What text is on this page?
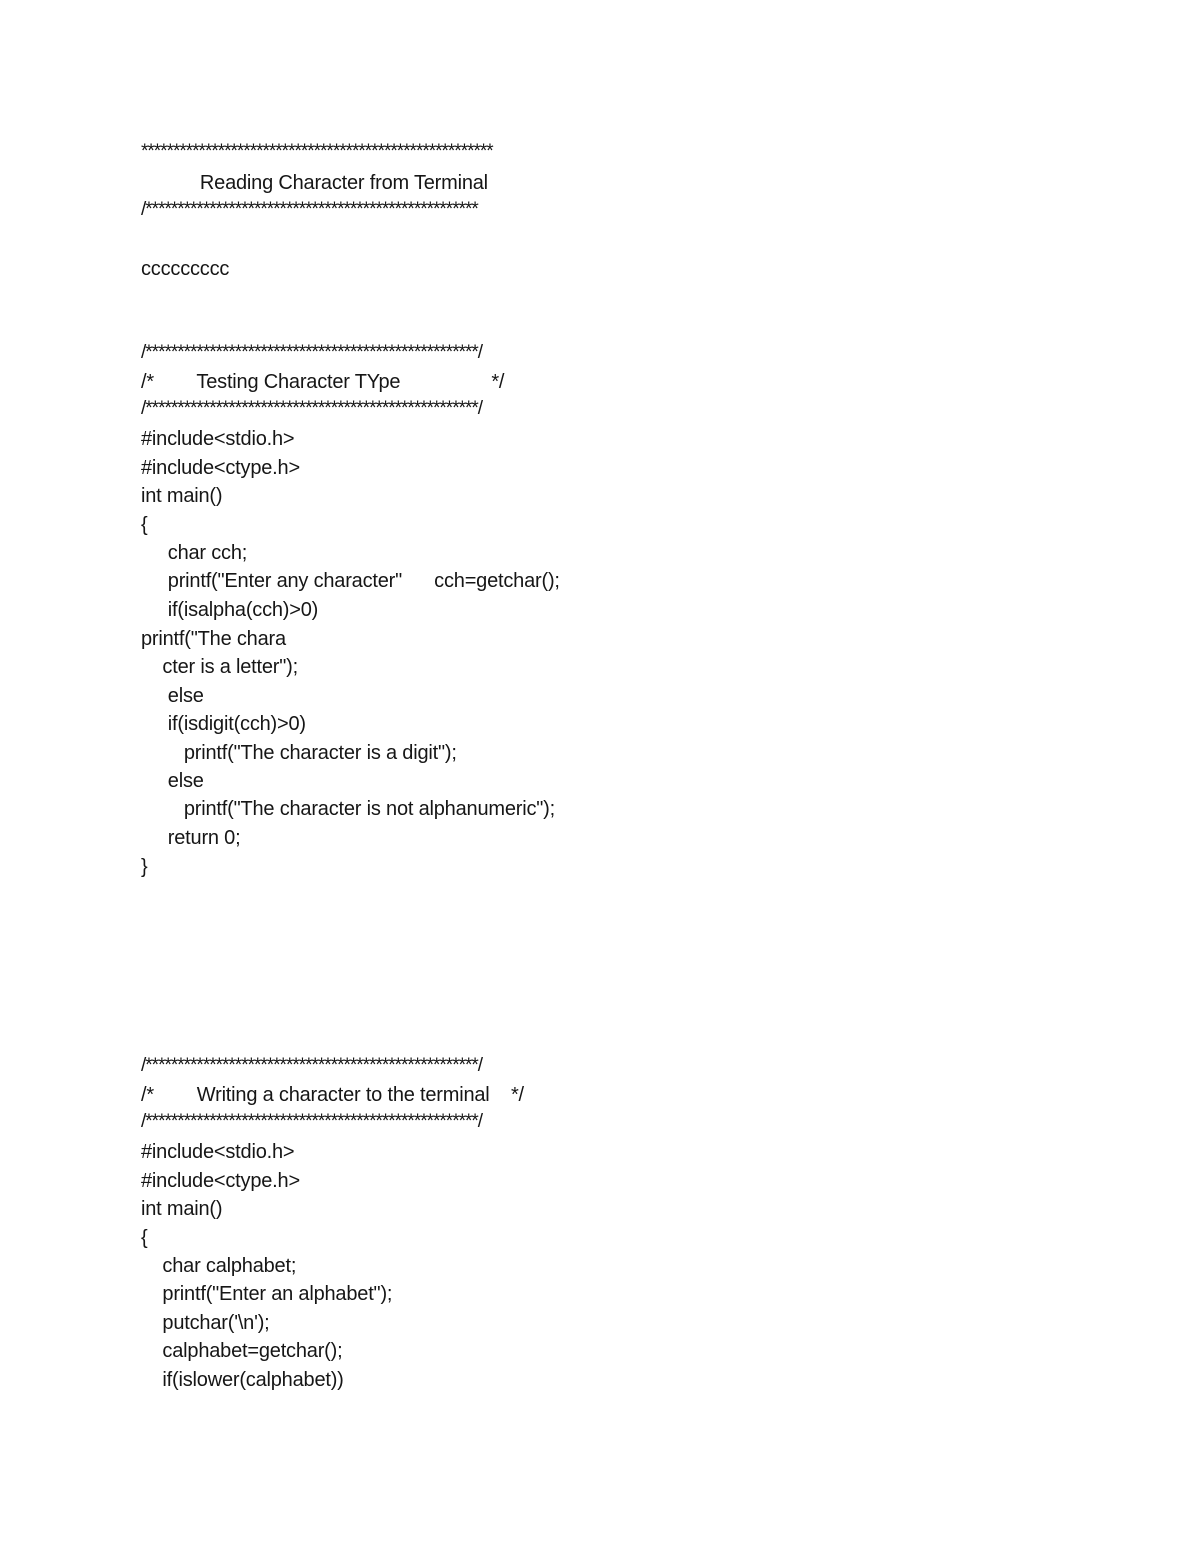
*******************************************************
Reading Character from Terminal
/****************************************************
ccccccccc
/****************************************************/
/*        Testing Character TYpe                 */
/****************************************************/
#include<stdio.h>
#include<ctype.h>
int main()
{
char cch;
printf("Enter any character"      cch=getchar();
if(isalpha(cch)>0)
printf("The chara
cter is a letter");
else
if(isdigit(cch)>0)
printf("The character is a digit");
else
printf("The character is not alphanumeric");
return 0;
}
/****************************************************/
/*        Writing a character to the terminal    */
/****************************************************/
#include<stdio.h>
#include<ctype.h>
int main()
{
char calphabet;
printf("Enter an alphabet");
putchar('\n');
calphabet=getchar();
if(islower(calphabet))
